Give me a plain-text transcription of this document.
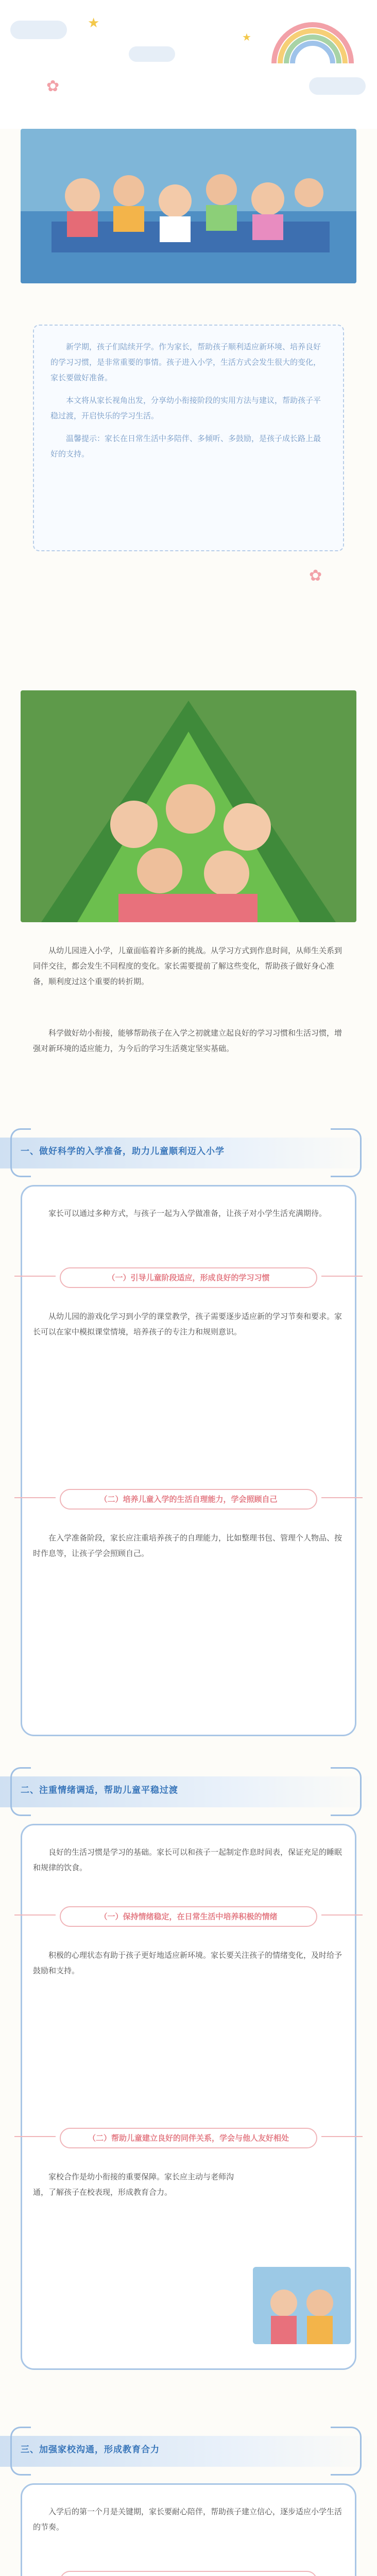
★
★
✿

新学期，孩子们陆续开学。作为家长，帮助孩子顺利适应新环境、培养良好的学习习惯，是非常重要的事情。孩子进入小学，生活方式会发生很大的变化，家长要做好准备。

本文将从家长视角出发，分享幼小衔接阶段的实用方法与建议，帮助孩子平稳过渡，开启快乐的学习生活。

温馨提示：家长在日常生活中多陪伴、多倾听、多鼓励，是孩子成长路上最好的支持。

✿

从幼儿园进入小学，儿童面临着许多新的挑战。从学习方式到作息时间，从师生关系到同伴交往，都会发生不同程度的变化。家长需要提前了解这些变化，帮助孩子做好身心准备，顺利度过这个重要的转折期。

科学做好幼小衔接，能够帮助孩子在入学之初就建立起良好的学习习惯和生活习惯，增强对新环境的适应能力，为今后的学习生活奠定坚实基础。

一、做好科学的入学准备，助力儿童顺利迈入小学

家长可以通过多种方式，与孩子一起为入学做准备，让孩子对小学生活充满期待。

（一）引导儿童阶段适应，形成良好的学习习惯

从幼儿园的游戏化学习到小学的课堂教学，孩子需要逐步适应新的学习节奏和要求。家长可以在家中模拟课堂情境，培养孩子的专注力和规则意识。

（二）培养儿童入学的生活自理能力，学会照顾自己

在入学准备阶段，家长应注重培养孩子的自理能力，比如整理书包、管理个人物品、按时作息等，让孩子学会照顾自己。

二、注重情绪调适，帮助儿童平稳过渡

良好的生活习惯是学习的基础。家长可以和孩子一起制定作息时间表，保证充足的睡眠和规律的饮食。

（一）保持情绪稳定，在日常生活中培养积极的情绪

积极的心理状态有助于孩子更好地适应新环境。家长要关注孩子的情绪变化，及时给予鼓励和支持。

（二）帮助儿童建立良好的同伴关系，学会与他人友好相处

家校合作是幼小衔接的重要保障。家长应主动与老师沟通，了解孩子在校表现，形成教育合力。

三、加强家校沟通，形成教育合力

入学后的第一个月是关键期，家长要耐心陪伴，帮助孩子建立信心，逐步适应小学生活的节奏。
